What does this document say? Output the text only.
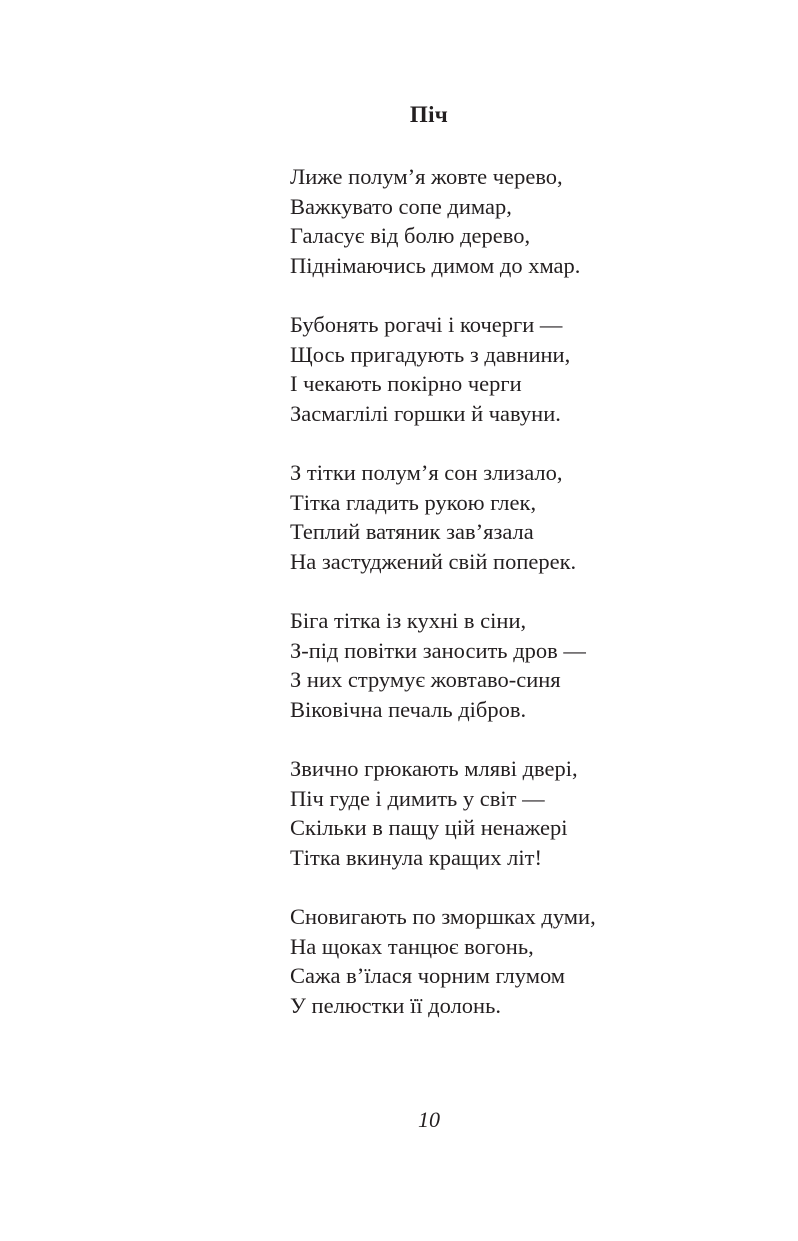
Піч
Лиже полум’я жовте черево,
Важкувато сопе димар,
Галасує від болю дерево,
Піднімаючись димом до хмар.
Бубонять рогачі і кочерги —
Щось пригадують з давнини,
І чекають покірно черги
Засмаглілі горшки й чавуни.
З тітки полум’я сон злизало,
Тітка гладить рукою глек,
Теплий ватяник зав’язала
На застуджений свій поперек.
Біга тітка із кухні в сіни,
З-під повітки заносить дров —
З них струмує жовтаво-синя
Віковічна печаль дібров.
Звично грюкають мляві двері,
Піч гуде і димить у світ —
Скільки в пащу цій ненажері
Тітка вкинула кращих літ!
Сновигають по зморшках думи,
На щоках танцює вогонь,
Сажа в’їлася чорним глумом
У пелюстки її долонь.
10
